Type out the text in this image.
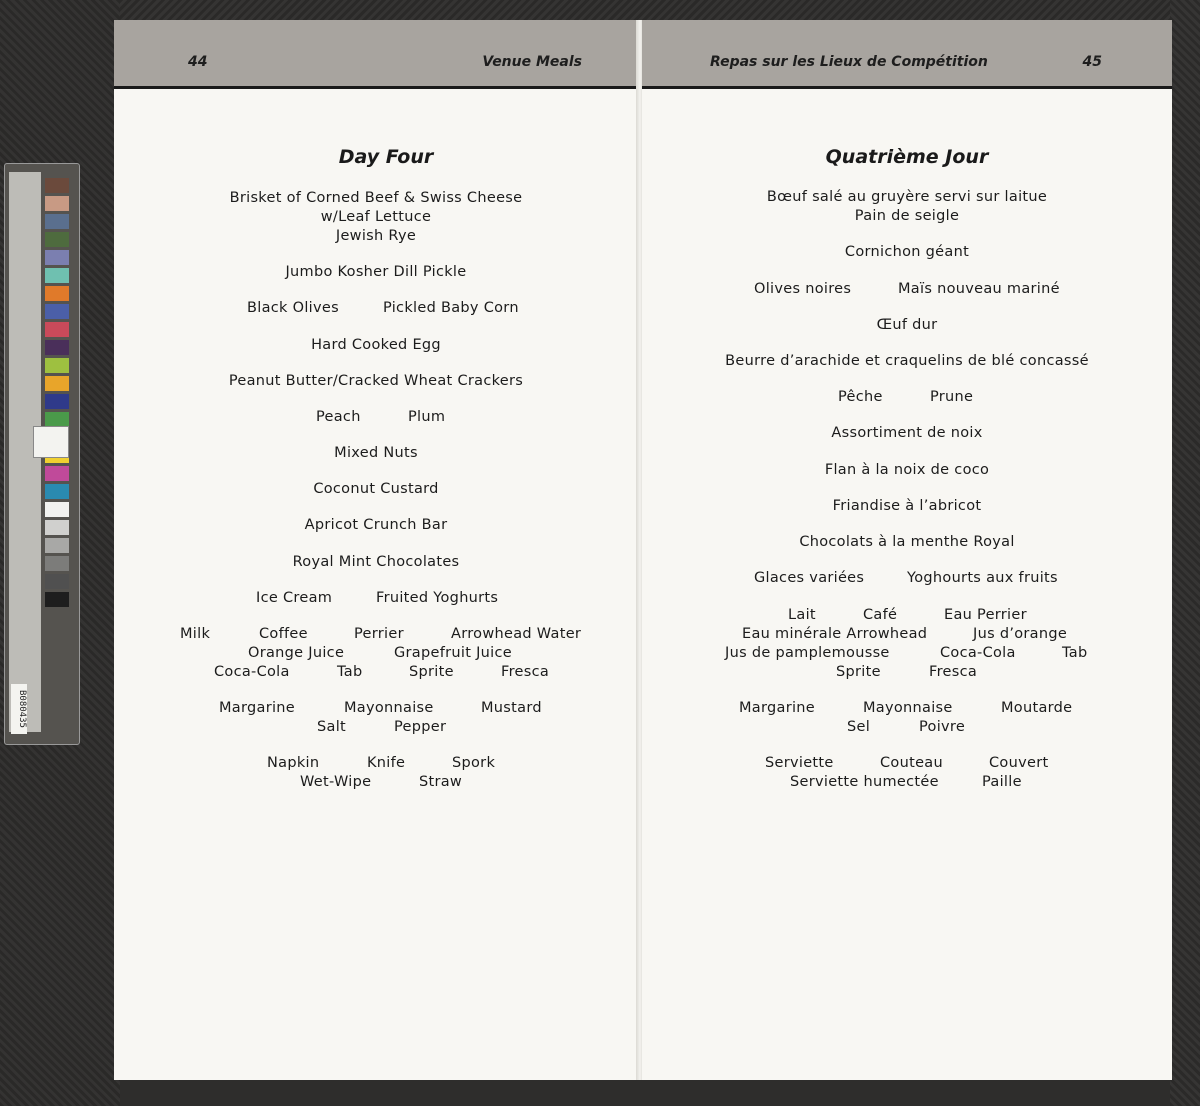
B080435
44	Venue Meals
Day Four
Brisket of Corned Beef & Swiss Cheese
w/Leaf Lettuce
Jewish Rye
Jumbo Kosher Dill Pickle
Black Olives	Pickled Baby Corn
Hard Cooked Egg
Peanut Butter/Cracked Wheat Crackers
Peach	Plum
Mixed Nuts
Coconut Custard
Apricot Crunch Bar
Royal Mint Chocolates
Ice Cream	Fruited Yoghurts
Milk	Coffee	Perrier	Arrowhead Water
Orange Juice	Grapefruit Juice
Coca-Cola	Tab	Sprite	Fresca
Margarine	Mayonnaise	Mustard
Salt	Pepper
Napkin	Knife	Spork
Wet-Wipe	Straw
Repas sur les Lieux de Compétition	45
Quatrième Jour
Bœuf salé au gruyère servi sur laitue
Pain de seigle
Cornichon géant
Olives noires	Maïs nouveau mariné
Œuf dur
Beurre d’arachide et craquelins de blé concassé
Pêche	Prune
Assortiment de noix
Flan à la noix de coco
Friandise à l’abricot
Chocolats à la menthe Royal
Glaces variées	Yoghourts aux fruits
Lait	Café	Eau Perrier
Eau minérale Arrowhead	Jus d’orange
Jus de pamplemousse	Coca-Cola	Tab
Sprite	Fresca
Margarine	Mayonnaise	Moutarde
Sel	Poivre
Serviette	Couteau	Couvert
Serviette humectée	Paille
